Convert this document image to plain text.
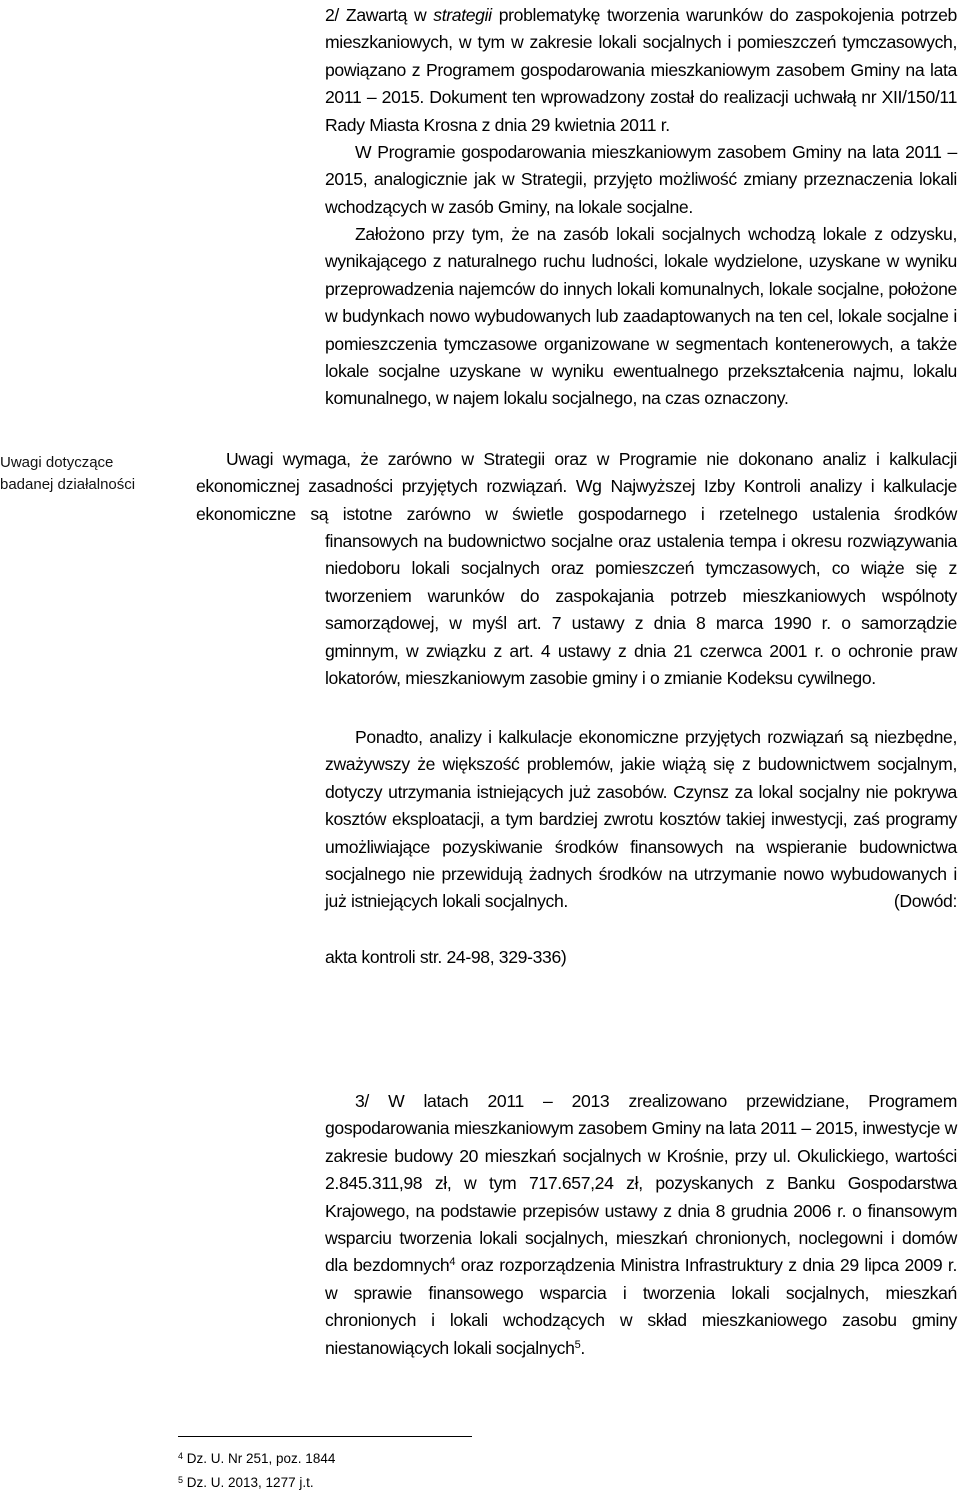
Uwagi dotyczące
badanej działalności

2/ Zawartą w strategii problematykę tworzenia warunków do zaspokojenia potrzeb mieszkaniowych, w tym w zakresie lokali socjalnych i pomieszczeń tymczasowych, powiązano z Programem gospodarowania mieszkaniowym zasobem Gminy na lata 2011 – 2015. Dokument ten wprowadzony został do realizacji uchwałą nr XII/150/11 Rady Miasta Krosna z dnia 29 kwietnia 2011 r.

W Programie gospodarowania mieszkaniowym zasobem Gminy na lata 2011 – 2015, analogicznie jak w Strategii, przyjęto możliwość zmiany przeznaczenia lokali wchodzących w zasób Gminy, na lokale socjalne.

Założono przy tym, że na zasób lokali socjalnych wchodzą lokale z odzysku, wynikającego z naturalnego ruchu ludności, lokale wydzielone, uzyskane w wyniku przeprowadzenia najemców do innych lokali komunalnych, lokale socjalne, położone w budynkach nowo wybudowanych lub zaadaptowanych na ten cel, lokale socjalne i pomieszczenia tymczasowe organizowane w segmentach kontenerowych, a także lokale socjalne uzyskane w wyniku ewentualnego przekształcenia najmu, lokalu komunalnego, w najem lokalu socjalnego, na czas oznaczony.

Uwagi wymaga, że zarówno w Strategii oraz w Programie nie dokonano analiz i kalkulacji
ekonomicznej zasadności przyjętych rozwiązań. Wg Najwyższej Izby Kontroli analizy i kalkulacje
ekonomiczne są istotne zarówno w świetle gospodarnego i rzetelnego ustalenia środków

finansowych na budownictwo socjalne oraz ustalenia tempa i okresu rozwiązywania niedoboru lokali socjalnych oraz pomieszczeń tymczasowych, co wiąże się z tworzeniem warunków do zaspokajania potrzeb mieszkaniowych wspólnoty samorządowej, w myśl art. 7 ustawy z dnia 8 marca 1990 r. o samorządzie gminnym, w związku z art. 4 ustawy z dnia 21 czerwca 2001 r. o ochronie praw lokatorów, mieszkaniowym zasobie gminy i o zmianie Kodeksu cywilnego.

Ponadto, analizy i kalkulacje ekonomiczne przyjętych rozwiązań są niezbędne, zważywszy że większość problemów, jakie wiążą się z budownictwem socjalnym, dotyczy utrzymania istniejących już zasobów. Czynsz za lokal socjalny nie pokrywa kosztów eksploatacji, a tym bardziej zwrotu kosztów takiej inwestycji, zaś programy umożliwiające pozyskiwanie środków finansowych na wspieranie budownictwa socjalnego nie przewidują żadnych środków na utrzymanie nowo wybudowanych i już istniejących lokali socjalnych.	(Dowód:

akta kontroli str. 24-98, 329-336)

3/ W latach 2011 – 2013 zrealizowano przewidziane, Programem gospodarowania mieszkaniowym zasobem Gminy na lata 2011 – 2015, inwestycje w zakresie budowy 20 mieszkań socjalnych w Krośnie, przy ul. Okulickiego, wartości 2.845.311,98 zł, w tym 717.657,24 zł, pozyskanych z Banku Gospodarstwa Krajowego, na podstawie przepisów ustawy z dnia 8 grudnia 2006 r. o finansowym wsparciu tworzenia lokali socjalnych, mieszkań chronionych, noclegowni i domów dla bezdomnych$^4$ oraz rozporządzenia Ministra Infrastruktury z dnia 29 lipca 2009 r. w sprawie finansowego wsparcia i tworzenia lokali socjalnych, mieszkań chronionych i lokali wchodzących w skład mieszkaniowego zasobu gminy niestanowiących lokali socjalnych$^5$.

$^4$ Dz. U. Nr 251, poz. 1844
$^5$ Dz. U. 2013, 1277 j.t.
